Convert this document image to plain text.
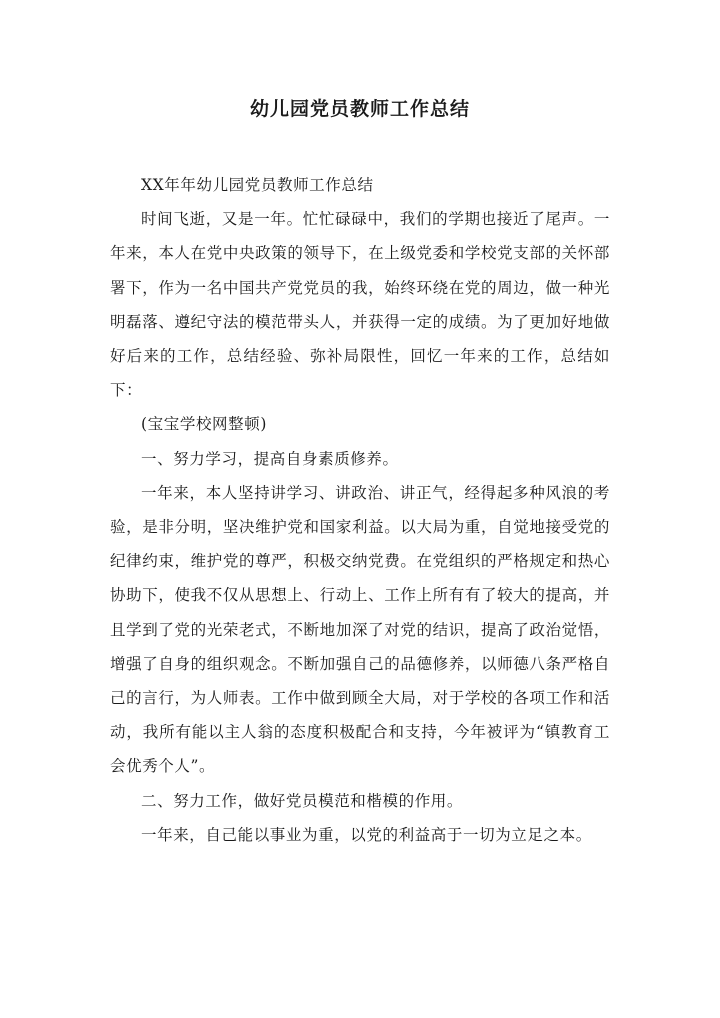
幼儿园党员教师工作总结

XX年年幼儿园党员教师工作总结

时间飞逝，又是一年。忙忙碌碌中，我们的学期也接近了尾声。一年来，本人在党中央政策的领导下，在上级党委和学校党支部的关怀部署下，作为一名中国共产党党员的我，始终环绕在党的周边，做一种光明磊落、遵纪守法的模范带头人，并获得一定的成绩。为了更加好地做好后来的工作，总结经验、弥补局限性，回忆一年来的工作，总结如下：

(宝宝学校网整顿)

一、努力学习，提高自身素质修养。

一年来，本人坚持讲学习、讲政治、讲正气，经得起多种风浪的考验，是非分明，坚决维护党和国家利益。以大局为重，自觉地接受党的纪律约束，维护党的尊严，积极交纳党费。在党组织的严格规定和热心协助下，使我不仅从思想上、行动上、工作上所有有了较大的提高，并且学到了党的光荣老式，不断地加深了对党的结识，提高了政治觉悟，增强了自身的组织观念。不断加强自己的品德修养，以师德八条严格自己的言行，为人师表。工作中做到顾全大局，对于学校的各项工作和活动，我所有能以主人翁的态度积极配合和支持，今年被评为“镇教育工会优秀个人”。

二、努力工作，做好党员模范和楷模的作用。

一年来，自己能以事业为重，以党的利益高于一切为立足之本。
